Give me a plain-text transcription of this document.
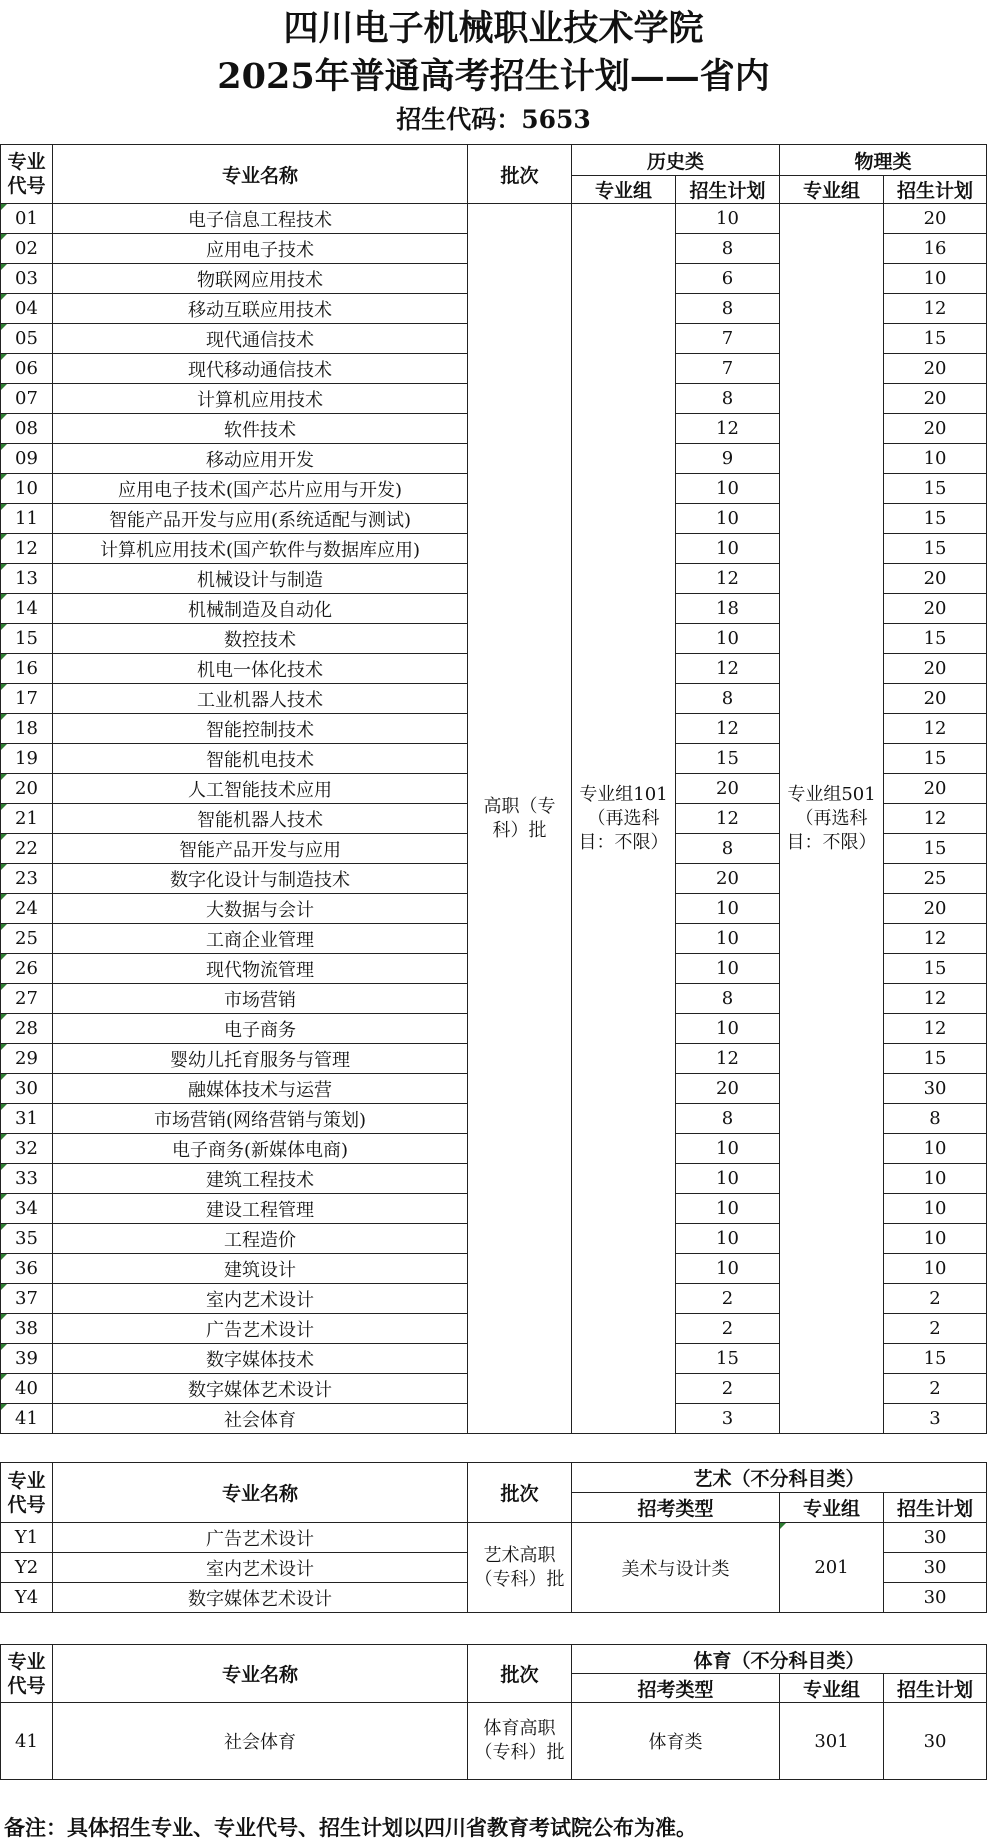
四川电子机械职业技术学院
2025年普通高考招生计划——省内
招生代码：5653
专业代号	专业名称	批次	历史类		物理类	
			专业组	招生计划	专业组	招生计划
01	电子信息工程技术	高职（专科）批	专业组101（再选科目：不限）	10	专业组501（再选科目：不限）	20
02	应用电子技术			8		16
03	物联网应用技术			6		10
04	移动互联应用技术			8		12
05	现代通信技术			7		15
06	现代移动通信技术			7		20
07	计算机应用技术			8		20
08	软件技术			12		20
09	移动应用开发			9		10
10	应用电子技术(国产芯片应用与开发)			10		15
11	智能产品开发与应用(系统适配与测试)			10		15
12	计算机应用技术(国产软件与数据库应用)			10		15
13	机械设计与制造			12		20
14	机械制造及自动化			18		20
15	数控技术			10		15
16	机电一体化技术			12		20
17	工业机器人技术			8		20
18	智能控制技术			12		12
19	智能机电技术			15		15
20	人工智能技术应用			20		20
21	智能机器人技术			12		12
22	智能产品开发与应用			8		15
23	数字化设计与制造技术			20		25
24	大数据与会计			10		20
25	工商企业管理			10		12
26	现代物流管理			10		15
27	市场营销			8		12
28	电子商务			10		12
29	婴幼儿托育服务与管理			12		15
30	融媒体技术与运营			20		30
31	市场营销(网络营销与策划)			8		8
32	电子商务(新媒体电商)			10		10
33	建筑工程技术			10		10
34	建设工程管理			10		10
35	工程造价			10		10
36	建筑设计			10		10
37	室内艺术设计			2		2
38	广告艺术设计			2		2
39	数字媒体技术			15		15
40	数字媒体艺术设计			2		2
41	社会体育			3		3
专业代号	专业名称	批次	艺术（不分科目类）		
			招考类型	专业组	招生计划
Y1	广告艺术设计	艺术高职（专科）批	美术与设计类	201	30
Y2	室内艺术设计				30
Y4	数字媒体艺术设计				30
专业代号	专业名称	批次	体育（不分科目类）		
			招考类型	专业组	招生计划
41	社会体育	体育高职（专科）批	体育类	301	30
备注：具体招生专业、专业代号、招生计划以四川省教育考试院公布为准。
